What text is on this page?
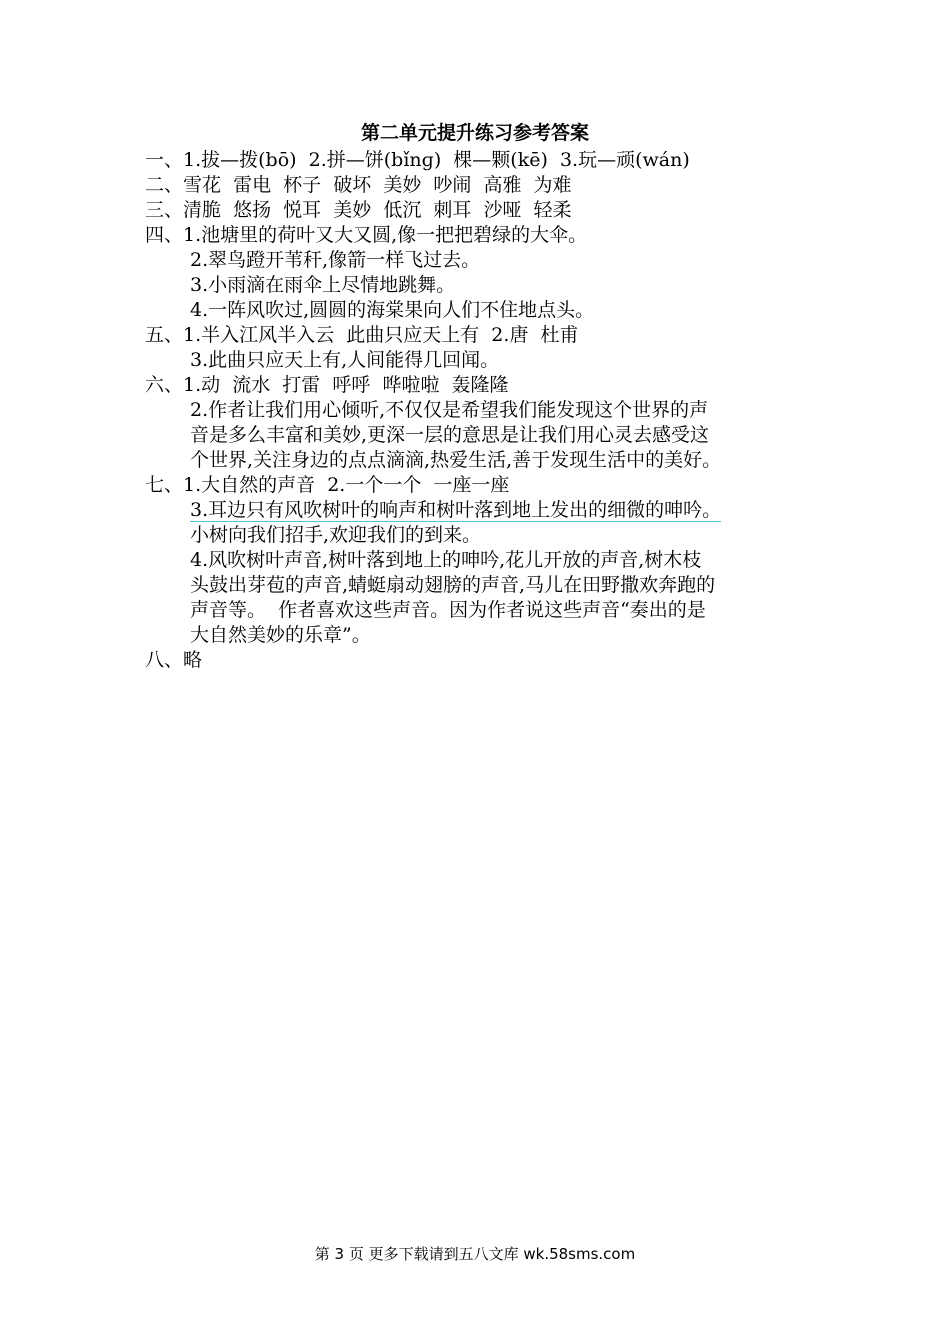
第二单元提升练习参考答案
一、1.拔—拨(bō)  2.拼—饼(bǐnɡ)  棵—颗(kē)  3.玩—顽(wán)
二、雪花  雷电  杯子  破坏  美妙  吵闹  高雅  为难
三、清脆  悠扬  悦耳  美妙  低沉  刺耳  沙哑  轻柔
四、1.池塘里的荷叶又大又圆,像一把把碧绿的大伞。
2.翠鸟蹬开苇秆,像箭一样飞过去。
3.小雨滴在雨伞上尽情地跳舞。
4.一阵风吹过,圆圆的海棠果向人们不住地点头。
五、1.半入江风半入云  此曲只应天上有  2.唐  杜甫
3.此曲只应天上有,人间能得几回闻。
六、1.动  流水  打雷  呼呼  哗啦啦  轰隆隆
2.作者让我们用心倾听,不仅仅是希望我们能发现这个世界的声
音是多么丰富和美妙,更深一层的意思是让我们用心灵去感受这
个世界,关注身边的点点滴滴,热爱生活,善于发现生活中的美好。
七、1.大自然的声音  2.一个一个  一座一座
3.耳边只有风吹树叶的响声和树叶落到地上发出的细微的呻吟。
小树向我们招手,欢迎我们的到来。
4.风吹树叶声音,树叶落到地上的呻吟,花儿开放的声音,树木枝
头鼓出芽苞的声音,蜻蜓扇动翅膀的声音,马儿在田野撒欢奔跑的
声音等。  作者喜欢这些声音。因为作者说这些声音“奏出的是
大自然美妙的乐章”。
八、略
第 3 页 更多下载请到五八文库 wk.58sms.com
